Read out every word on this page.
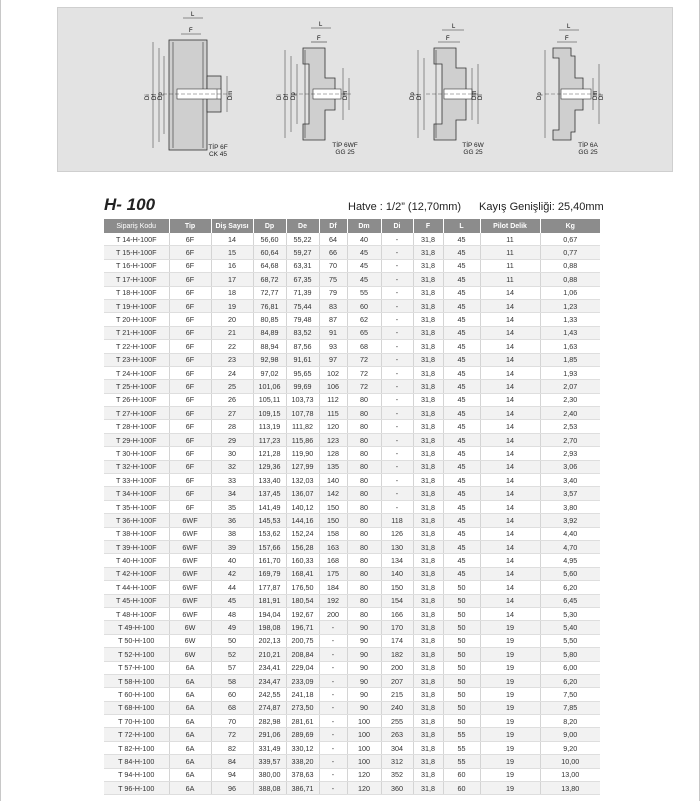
Di Df Dp	Dm
L
F
TİP 6F
CK 45
Di Df Dp	Dm
L
F
TİP 6WF
GG 25
Dp Df	Dm Di
L
F
TİP 6W
GG 25
Dp	Dm Di
L
F
TİP 6A
GG 25
H- 100	Hatve : 1/2” (12,70mm) Kayış Genişliği: 25,40mm
Sipariş Kodu	Tip	Diş Sayısı	Dp	De	Df	Dm	Di	F	L	Pilot Delik	Kg
T 14-H-100F	6F	14	56,60	55,22	64	40	-	31,8	45	11	0,67
T 15-H-100F	6F	15	60,64	59,27	66	45	-	31,8	45	11	0,77
T 16-H-100F	6F	16	64,68	63,31	70	45	-	31,8	45	11	0,88
T 17-H-100F	6F	17	68,72	67,35	75	45	-	31,8	45	11	0,88
T 18-H-100F	6F	18	72,77	71,39	79	55	-	31,8	45	14	1,06
T 19-H-100F	6F	19	76,81	75,44	83	60	-	31,8	45	14	1,23
T 20-H-100F	6F	20	80,85	79,48	87	62	-	31,8	45	14	1,33
T 21-H-100F	6F	21	84,89	83,52	91	65	-	31,8	45	14	1,43
T 22-H-100F	6F	22	88,94	87,56	93	68	-	31,8	45	14	1,63
T 23-H-100F	6F	23	92,98	91,61	97	72	-	31,8	45	14	1,85
T 24-H-100F	6F	24	97,02	95,65	102	72	-	31,8	45	14	1,93
T 25-H-100F	6F	25	101,06	99,69	106	72	-	31,8	45	14	2,07
T 26-H-100F	6F	26	105,11	103,73	112	80	-	31,8	45	14	2,30
T 27-H-100F	6F	27	109,15	107,78	115	80	-	31,8	45	14	2,40
T 28-H-100F	6F	28	113,19	111,82	120	80	-	31,8	45	14	2,53
T 29-H-100F	6F	29	117,23	115,86	123	80	-	31,8	45	14	2,70
T 30-H-100F	6F	30	121,28	119,90	128	80	-	31,8	45	14	2,93
T 32-H-100F	6F	32	129,36	127,99	135	80	-	31,8	45	14	3,06
T 33-H-100F	6F	33	133,40	132,03	140	80	-	31,8	45	14	3,40
T 34-H-100F	6F	34	137,45	136,07	142	80	-	31,8	45	14	3,57
T 35-H-100F	6F	35	141,49	140,12	150	80	-	31,8	45	14	3,80
T 36-H-100F	6WF	36	145,53	144,16	150	80	118	31,8	45	14	3,92
T 38-H-100F	6WF	38	153,62	152,24	158	80	126	31,8	45	14	4,40
T 39-H-100F	6WF	39	157,66	156,28	163	80	130	31,8	45	14	4,70
T 40-H-100F	6WF	40	161,70	160,33	168	80	134	31,8	45	14	4,95
T 42-H-100F	6WF	42	169,79	168,41	175	80	140	31,8	45	14	5,60
T 44-H-100F	6WF	44	177,87	176,50	184	80	150	31,8	50	14	6,20
T 45-H-100F	6WF	45	181,91	180,54	192	80	154	31,8	50	14	6,45
T 48-H-100F	6WF	48	194,04	192,67	200	80	166	31,8	50	14	5,30
T 49-H-100	6W	49	198,08	196,71	-	90	170	31,8	50	19	5,40
T 50-H-100	6W	50	202,13	200,75	-	90	174	31,8	50	19	5,50
T 52-H-100	6W	52	210,21	208,84	-	90	182	31,8	50	19	5,80
T 57-H-100	6A	57	234,41	229,04	-	90	200	31,8	50	19	6,00
T 58-H-100	6A	58	234,47	233,09	-	90	207	31,8	50	19	6,20
T 60-H-100	6A	60	242,55	241,18	-	90	215	31,8	50	19	7,50
T 68-H-100	6A	68	274,87	273,50	-	90	240	31,8	50	19	7,85
T 70-H-100	6A	70	282,98	281,61	-	100	255	31,8	50	19	8,20
T 72-H-100	6A	72	291,06	289,69	-	100	263	31,8	55	19	9,00
T 82-H-100	6A	82	331,49	330,12	-	100	304	31,8	55	19	9,20
T 84-H-100	6A	84	339,57	338,20	-	100	312	31,8	55	19	10,00
T 94-H-100	6A	94	380,00	378,63	-	120	352	31,8	60	19	13,00
T 96-H-100	6A	96	388,08	386,71	-	120	360	31,8	60	19	13,80
